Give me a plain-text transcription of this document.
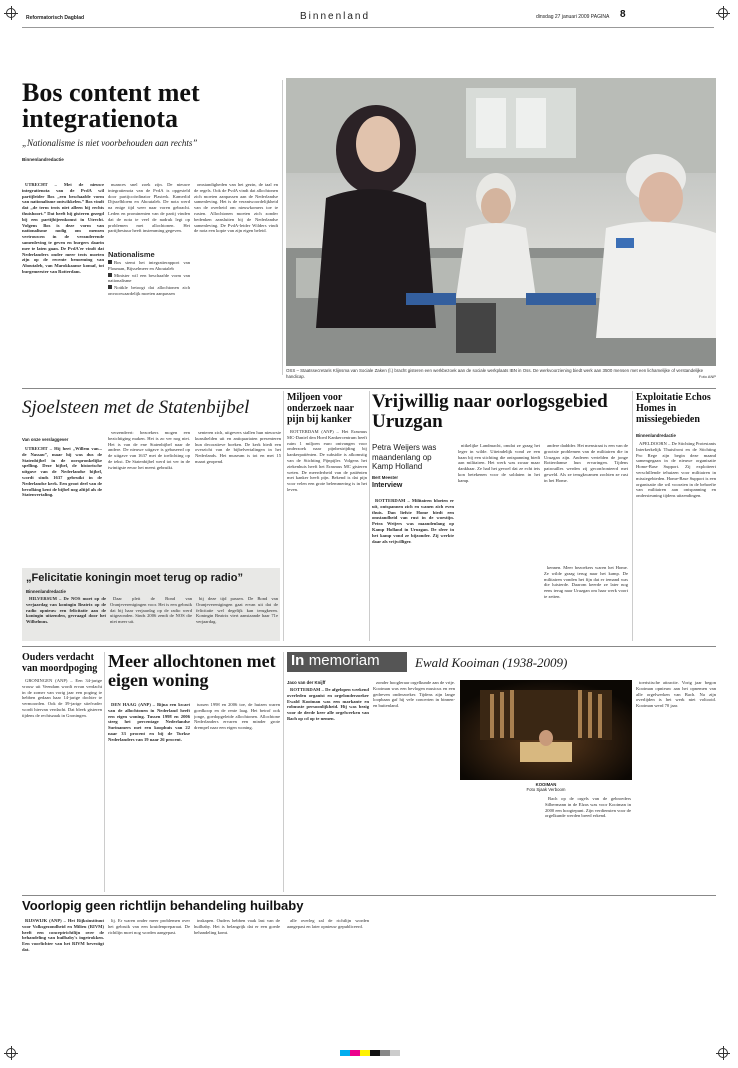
Reformatorisch Dagblad	Binnenland	dinsdag 27 januari 2009 PAGINA 8
Bos content met integratienota
„Nationalisme is niet voorbehouden aan rechts”
Binnenlandredactie

UTRECHT – Met de nieuwe integratienota van de PvdA wil partijleider Bos „een beschaafde vorm van nationalisme ontwikkelen.” Bos vindt dat „de term trots niet alleen bij rechts thuishoort.” Dat heeft hij gisteren gezegd bij een partijbijeenkomst in Utrecht. Volgens Bos is deze vorm van nationalisme nodig om mensen vertrouwen in de veranderende samenleving te geven en burgers daarin mee te laten gaan. De PvdA'er vindt dat Nederlanders onder meer trots moeten zijn op de recente benoeming van Aboutaleb, van Marokkaanse komaf, tot burgemeester van Rotterdam.

nuances snel zoek zijn. De nieuwe integratienota van de PvdA is opgesteld door partijcoördinator Plasterk. Kamerlid Dijsselbloem en Aboutaleb. De nota werd na enige tijd weer naar voren gebracht. Leden en prominenten van de partij vinden dat de nota te veel de nadruk legt op problemen met allochtonen. Het partijbestuur heeft instemming gegeven.

Nationalisme
Bos stemt het integratierapport van Plouman, Bijsselmeer en Aboutaleb
Minister wil een beschaafde vorm van nationalisme
Nottkle betoogt dat allochtonen zich onvoorwaardelijk moeten aanpassen

omstandigheden van het gezin, de taal en de regels. Ook de PvdA vindt dat allochtonen zich moeten aanpassen aan de Nederlandse samenleving. Het is de verantwoordelijkheid van de overheid om nieuwkomers toe te rusten. Allochtonen moeten zich zonder bedenken aansluiten bij de Nederlandse samenleving. De PvdA-leider Wilders vindt de nota een kopie van zijn eigen beleid.

OSS – Staatssecretaris Klijnsma van Sociale Zaken (l.) bracht gisteren een werkbezoek aan de sociale werkplaats IBN in Oss. De werkvoorziening biedt werk aan 3500 mensen met een lichamelijke of verstandelijke handicap.	Foto ANP
Sjoelsteen met de Statenbijbel
Van onze verslaggever

UTRECHT – Hij heet „Willem van... de Nassau”, maar hij was dus de Statenbijbel in de oorspronkelijke spelling. Deze bijbel, de historische uitgave van de Nederlandse bijbel, wordt sinds 1637 gebruikt in de Nederlandse kerk. Een groot deel van de bevolking kent de bijbel nog altijd als de Statenvertaling.

verzendeert: bezoekers mogen een bezichtiging maken. Het is zo ver nog niet. Het is van de ene Statenbijbel naar de andere. De nieuwe uitgave is gebaseerd op de uitgave van 1637 met de toelichting op de tekst. De Statenbijbel werd tot ver in de twintigste eeuw het meest gebruikt.

senteren zich, uitgevers stallen hun nieuwste kunsthelden uit en antiquariaten presenteren hun decoratieve boeken. De kerk biedt een overzicht van de bijbelvertalingen in het Nederlands. Het museum is tot en met 15 maart geopend.

Miljoen voor onderzoek naar pijn bij kanker

ROTTERDAM (ANP) – Het Erasmus MC-Daniel den Hoed Kankercentrum heeft ruim 1 miljoen euro ontvangen voor onderzoek naar pijnbestrijding bij kankerpatiënten. De subsidie is afkomstig van de Stichting Pijnpijler. Volgens het ziekenhuis heeft het Erasmus MC gisteren weten. De meerderheid van de patiënten met kanker heeft pijn. Bekend is dat pijn voor velen een grote belemmering is in het leven.

Vrijwillig naar oorlogsgebied Uruzgan
Petra Weijers was maandenlang op Kamp Holland
Bert Meester
Interview

ROTTERDAM – Militairen bloeien er uit, ontspannen zich en wanen zich even thuis. Dan liefste Home biedt een omstandheid van rust in de woestijn. Petra Weijers was maandenlang op Kamp Holland in Uruzgan. De sfeer in het kamp vond ze bijzonder. Zij werkte daar als vrijwilliger.

nitkelijke Landmacht, omdat ze graag het leger in wilde. Uiteindelijk vond ze een baan bij een stichting die ontspanning biedt aan militairen. Het werk was zwaar maar dankbaar. Ze had het gevoel dat ze echt iets kon betekenen voor de soldaten in het kamp.

andere daddder. Het menstraat is een van de grootste problemen van de militairen die in Uruzgan zijn. Anderen vertelden de jonge Rotterdamse hun ervaringen. Tijdens patrouilles werden zij geconfronteerd met geweld. Als ze terugkwamen zochten ze rust in het Home.

kennen. Meer bezoekers waren het Home. Ze wilde graag terug naar het kamp. De militairen vonden het fijn dat er iemand was die luisterde. Daarom keerde ze later nog eens terug naar Uruzgan om haar werk voort te zetten.

Exploitatie Echos Homes in missiegebieden
Binnenlandredactie

APELDOORN – De Stichting Protestants Interkerkelijk Thuisfront en de Stichting Pro Rege zijn begin deze maand samengegaan in de nieuwe organisatie Home-Base Support. Zij exploiteert verschillende tehuizen voor militairen in missiegebieden. Home-Base Support is een organisatie die wil voorzien in de behoefte van militairen aan ontspanning en ondersteuning tijdens uitzendingen.

„Felicitatie koningin moet terug op radio”
Binnenlandredactie

HILVERSUM – De NOS moet op de verjaardag van koningin Beatrix op de radio opnieuw een felicitatie aan de koningin uitzenden, gevraagd door het Wilhelmus.

Daar pleit de Bond van Oranjeverenigingen voor. Het is een gebruik dat bij haar verjaardag op de radio werd uitgezonden. Sinds 2006 zendt de NOS die niet meer uit.

bij deze tijd passen. De Bond van Oranjeverenigingen gaat ervan uit dat de felicitatie wel degelijk kan terugkeren. Koningin Beatrix viert aanstaande haar 71e verjaardag.

Ouders verdacht van moordpoging

GRONINGEN (ANP) – Een 34-jarige vrouw uit Veendam wordt ervan verdacht in de zomer van vorig jaar een poging te hebben gedaan haar 14-jarige dochter te vermoorden. Ook de 39-jarige stiefvader wordt hiervan verdacht. Dat bleek gisteren tijdens de rechtszaak in Groningen.

Meer allochtonen met eigen woning

DEN HAAG (ANP) – Bijna een kwart van de allochtonen in Nederland heeft een eigen woning. Tussen 1998 en 2006 steeg het percentage Nederlandse Surinamers met een koophuis van 22 naar 33 procent en bij de Turkse Nederlanders van 19 naar 26 procent.

tussen 1998 en 2006 toe, de huizen waren goedkoop en de rente laag. Het betrof ook jonge, goedopgeleide allochtonen. Allochtone Nederlanders ervaren een minder grote drempel naar een eigen woning.

In memoriam	Ewald Kooiman (1938-2009)
Jaco van der Knijff

ROTTERDAM – De afgelopen weekend overleden organist en orgelonderzoeker Ewald Kooiman was een markante en robuuste persoonlijkheid. Hij was bezig voor de derde keer alle orgelwerken van Bach op cd op te nemen.

zonder hoogleraar orgelkunde aan de vrije. Kooiman was een bevlogen musicus en een gedreven onderzoeker. Tijdens zijn lange loopbaan gaf hij vele concerten in binnen- en buitenland.

KOOIMAN
Foto Sjaak Verboom

Bach op de orgels van de gebroeders Silbermann in de Elzas was voor Kooiman in 2000 een hoogtepunt. Zijn verdiensten voor de orgelkunde werden breed erkend.

toeristische attractie. Vorig jaar begon Kooiman opnieuw aan het opnemen van alle orgelwerken van Bach. Na zijn overlijden is het werk niet voltooid. Kooiman werd 70 jaar.

Voorlopig geen richtlijn behandeling huilbaby

RIJSWIJK (ANP) – Het Rijksinstituut voor Volksgezondheid en Milieu (RIVM) heeft een conceptrichtlijn over de behandeling van huilbaby's ingetrokken. Een voorlichter van het RIVM bevestigt dat.

lij. Er waren onder meer problemen over het gebruik van een kruidenpreparaat. De richtlijn moet nog worden aangepast.

inskapen. Ouders hebben vaak last van de huilbaby. Het is belangrijk dat er een goede behandeling komt.

alle overleg zal de richtlijn worden aangepast en later opnieuw gepubliceerd.
